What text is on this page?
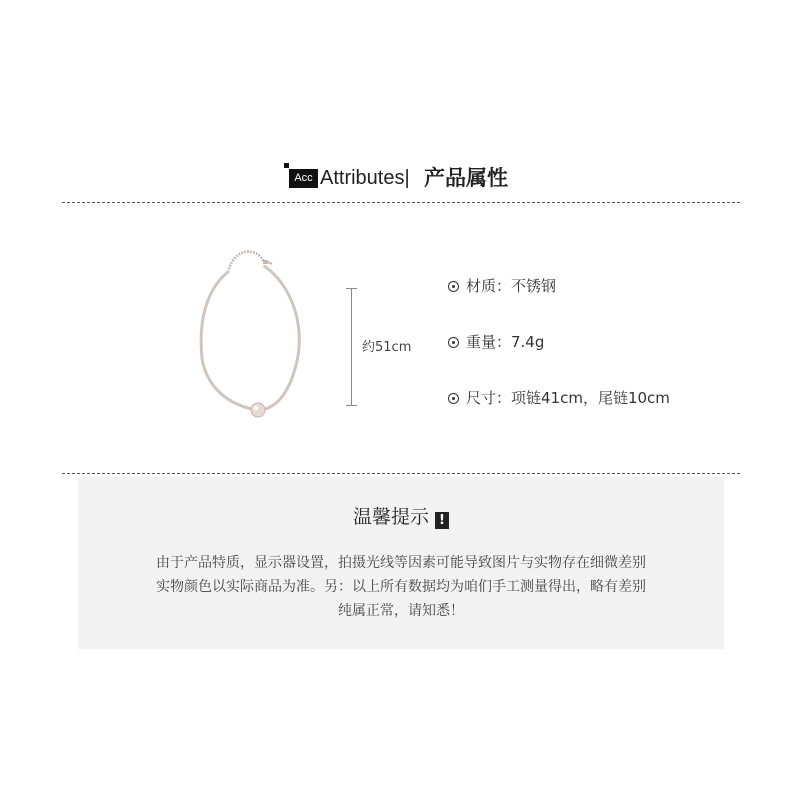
Acc Attributes| 产品属性
约51cm
材质：不锈钢
重量：7.4g
尺寸：项链41cm，尾链10cm
温馨提示 !
由于产品特质，显示器设置，拍摄光线等因素可能导致图片与实物存在细微差别
实物颜色以实际商品为准。另：以上所有数据均为咱们手工测量得出，略有差别
纯属正常，请知悉！
